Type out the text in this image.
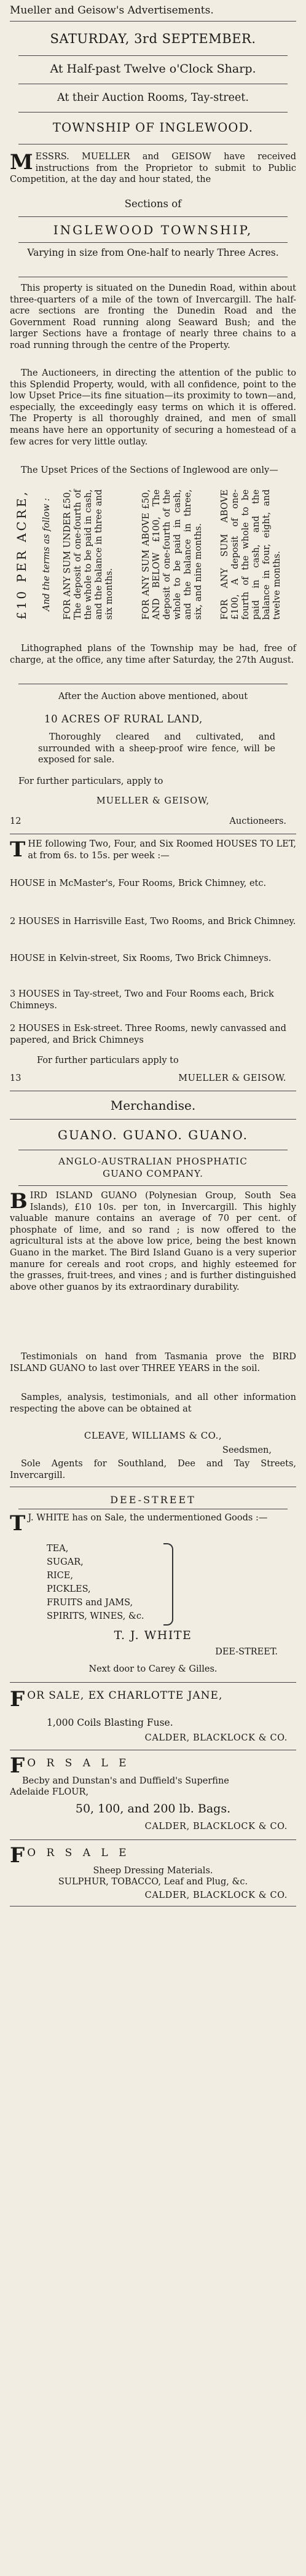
Mueller and Geisow's Advertisements.
SATURDAY, 3rd SEPTEMBER.
At Half-past Twelve o'Clock Sharp.
At their Auction Rooms, Tay-street.
TOWNSHIP OF INGLEWOOD.

M ESSRS. MUELLER and GEISOW have received instructions from the Proprietor to submit to Public Competition, at the day and hour stated, the

Sections of
INGLEWOOD TOWNSHIP,
Varying in size from One-half to nearly Three Acres.

This property is situated on the Dunedin Road, within about three-quarters of a mile of the town of Invercargill. The half-acre sections are fronting the Dunedin Road and the Government Road running along Seaward Bush; and the larger Sections have a frontage of nearly three chains to a road running through the centre of the Property.

The Auctioneers, in directing the attention of the public to this Splendid Property, would, with all confidence, point to the low Upset Price—its fine situation—its proximity to town—and, especially, the exceedingly easy terms on which it is offered. The Property is all thoroughly drained, and men of small means have here an opportunity of securing a homestead of a few acres for very little outlay.

The Upset Prices of the Sections of Inglewood are only—

£10 PER ACRE, And the terms as follow : FOR ANY SUM UNDER £50, The deposit of one-fourth of the whole to be paid in cash, and the balance in three and six months.	FOR ANY SUM ABOVE £50, AND BELOW £100, The deposit of one-fourth of the whole to be paid in cash, and the balance in three, six, and nine months. FOR ANY SUM ABOVE £100, A deposit of one-fourth of the whole to be paid in cash, and the balance in four, eight, and twelve months.

Lithographed plans of the Township may be had, free of charge, at the office, any time after Saturday, the 27th August.

After the Auction above mentioned, about
10 ACRES OF RURAL LAND,

Thoroughly cleared and cultivated, and surrounded with a sheep-proof wire fence, will be exposed for sale.

For further particulars, apply to
MUELLER & GEISOW,
12	Auctioneers.

T HE following Two, Four, and Six Roomed HOUSES TO LET, at from 6s. to 15s. per week :—

HOUSE in McMaster's, Four Rooms, Brick Chimney, etc.
2 HOUSES in Harrisville East, Two Rooms, and Brick Chimney.
HOUSE in Kelvin-street, Six Rooms, Two Brick Chimneys.
3 HOUSES in Tay-street, Two and Four Rooms each, Brick Chimneys.
2 HOUSES in Esk-street. Three Rooms, newly canvassed and papered, and Brick Chimneys
For further particulars apply to
13	MUELLER & GEISOW.
Merchandise.
GUANO. GUANO. GUANO.
ANGLO-AUSTRALIAN PHOSPHATIC
GUANO COMPANY.

B IRD ISLAND GUANO (Polynesian Group, South Sea Islands), £10 10s. per ton, in Invercargill. This highly valuable manure contains an average of 70 per cent. of phosphate of lime, and so rand ; is now offered to the agricultural ists at the above low price, being the best known Guano in the market. The Bird Island Guano is a very superior manure for cereals and root crops, and highly esteemed for the grasses, fruit-trees, and vines ; and is further distinguished above other guanos by its extraordinary durability.

Testimonials on hand from Tasmania prove the BIRD ISLAND GUANO to last over THREE YEARS in the soil.

Samples, analysis, testimonials, and all other information respecting the above can be obtained at

CLEAVE, WILLIAMS & CO.,
Seedsmen,

Sole Agents for Southland, Dee and Tay Streets, Invercargill.

DEE-STREET

T J. WHITE has on Sale, the undermentioned Goods :—

TEA,
SUGAR,
RICE,
PICKLES,
FRUITS and JAMS,
SPIRITS, WINES, &c.
T. J. WHITE
DEE-STREET.
Next door to Carey & Gilles.
F OR SALE, EX CHARLOTTE JANE,
1,000 Coils Blasting Fuse.
CALDER, BLACKLOCK & CO.
F O R S A L E
Becby and Dunstan's and Duffield's Superfine
Adelaide FLOUR,
50, 100, and 200 lb. Bags.
CALDER, BLACKLOCK & CO.
F O R S A L E
Sheep Dressing Materials.
SULPHUR, TOBACCO, Leaf and Plug, &c.
CALDER, BLACKLOCK & CO.
